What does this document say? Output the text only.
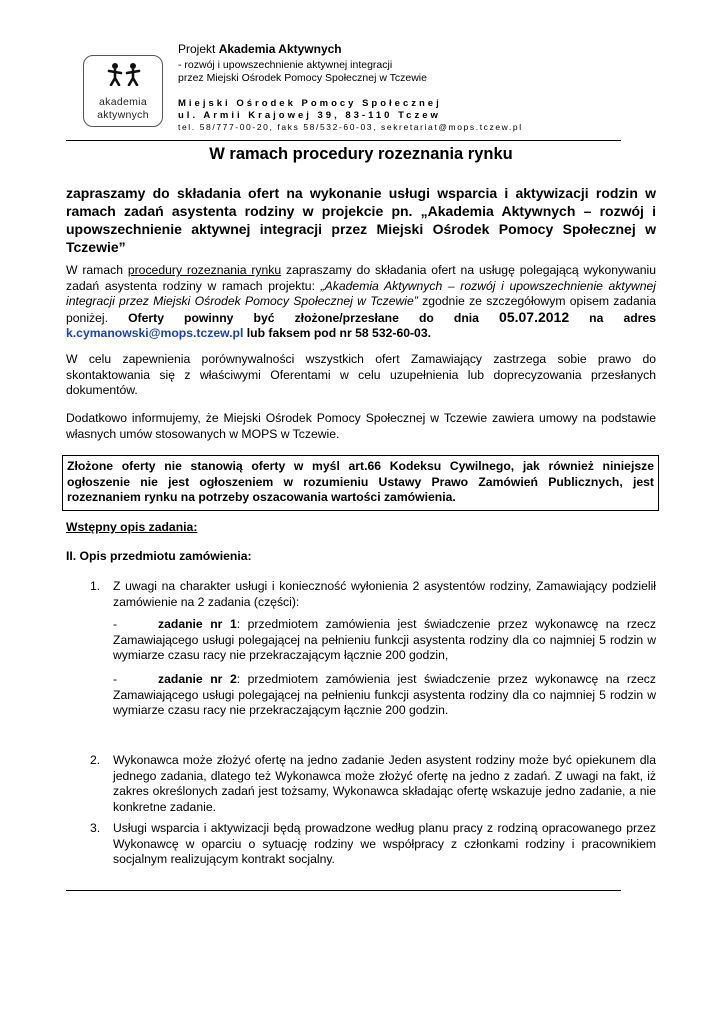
akademia
aktywnych
Projekt Akademia Aktywnych
- rozwój i upowszechnienie aktywnej integracji
przez Miejski Ośrodek Pomocy Społecznej w Tczewie
Miejski Ośrodek Pomocy Społecznej
ul. Armii Krajowej 39, 83-110 Tczew
tel. 58/777-00-20, faks 58/532-60-03, sekretariat@mops.tczew.pl
W ramach procedury rozeznania rynku
zapraszamy do składania ofert na wykonanie usługi wsparcia i aktywizacji rodzin w ramach zadań asystenta rodziny w projekcie pn. „Akademia Aktywnych – rozwój i upowszechnienie aktywnej integracji przez Miejski Ośrodek Pomocy Społecznej w Tczewie”
W ramach procedury rozeznania rynku zapraszamy do składania ofert na usługę polegającą wykonywaniu zadań asystenta rodziny w ramach projektu: „Akademia Aktywnych – rozwój i upowszechnienie aktywnej integracji przez Miejski Ośrodek Pomocy Społecznej w Tczewie” zgodnie ze szczegółowym opisem zadania poniżej. Oferty powinny być złożone/przesłane do dnia 05.07.2012 na adres k.cymanowski@mops.tczew.pl lub faksem pod nr 58 532-60-03.
W celu zapewnienia porównywalności wszystkich ofert Zamawiający zastrzega sobie prawo do skontaktowania się z właściwymi Oferentami w celu uzupełnienia lub doprecyzowania przesłanych dokumentów.
Dodatkowo informujemy, że Miejski Ośrodek Pomocy Społecznej w Tczewie zawiera umowy na podstawie własnych umów stosowanych w MOPS w Tczewie.
Złożone oferty nie stanowią oferty w myśl art.66 Kodeksu Cywilnego, jak również niniejsze ogłoszenie nie jest ogłoszeniem w rozumieniu Ustawy Prawo Zamówień Publicznych, jest rozeznaniem rynku na potrzeby oszacowania wartości zamówienia.
Wstępny opis zadania:
II. Opis przedmiotu zamówienia:
1. Z uwagi na charakter usługi i konieczność wyłonienia 2 asystentów rodziny, Zamawiający podzielił zamówienie na 2 zadania (części):
-	zadanie nr 1: przedmiotem zamówienia jest świadczenie przez wykonawcę na rzecz Zamawiającego usługi polegającej na pełnieniu funkcji asystenta rodziny dla co najmniej 5 rodzin w wymiarze czasu racy nie przekraczającym łącznie 200 godzin,
-	zadanie nr 2: przedmiotem zamówienia jest świadczenie przez wykonawcę na rzecz Zamawiającego usługi polegającej na pełnieniu funkcji asystenta rodziny dla co najmniej 5 rodzin w wymiarze czasu racy nie przekraczającym łącznie 200 godzin.
2. Wykonawca może złożyć ofertę na jedno zadanie Jeden asystent rodziny może być opiekunem dla jednego zadania, dlatego też Wykonawca może złożyć ofertę na jedno z zadań. Z uwagi na fakt, iż zakres określonych zadań jest tożsamy, Wykonawca składając ofertę wskazuje jedno zadanie, a nie konkretne zadanie.
3. Usługi wsparcia i aktywizacji będą prowadzone według planu pracy z rodziną opracowanego przez Wykonawcę w oparciu o sytuację rodziny we współpracy z członkami rodziny i pracownikiem socjalnym realizującym kontrakt socjalny.
